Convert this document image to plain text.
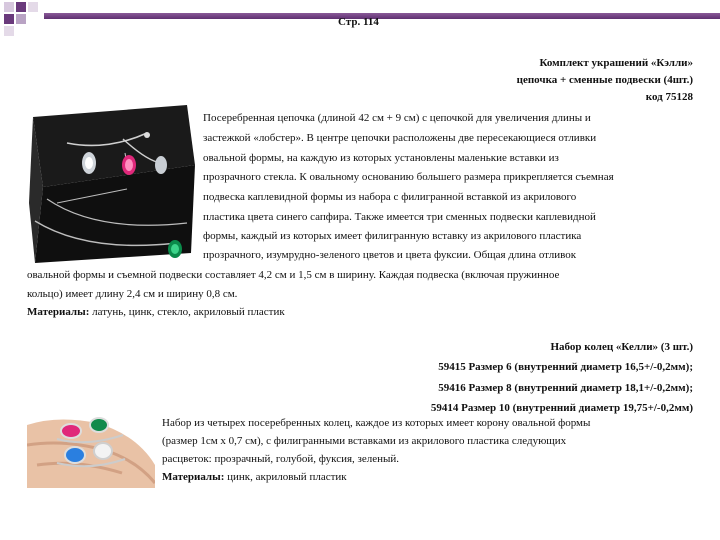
Стр. 114
Комплект украшений «Кэлли»
цепочка + сменные подвески (4шт.)
код 75128
Посеребренная цепочка (длиной 42 см + 9 см) с цепочкой для увеличения длины и
застежкой «лобстер». В центре цепочки расположены две пересекающиеся отливки
овальной формы, на каждую из которых установлены маленькие вставки из
прозрачного стекла. К овальному основанию большего размера прикрепляется съемная
подвеска каплевидной формы из набора с филигранной вставкой из акрилового
пластика цвета синего сапфира. Также имеется три сменных подвески каплевидной
формы, каждый из которых имеет филигранную вставку из акрилового пластика
прозрачного, изумрудно-зеленого цветов и цвета фуксии. Общая длина отливок
овальной формы и съемной подвески составляет 4,2 см и 1,5 см в ширину. Каждая подвеска (включая пружинное
кольцо) имеет длину 2,4 см и ширину 0,8 см.
Материалы: латунь, цинк, стекло, акриловый пластик
Набор колец «Келли» (3 шт.)
59415 Размер 6 (внутренний диаметр 16,5+/-0,2мм);
59416 Размер 8 (внутренний диаметр 18,1+/-0,2мм);
59414 Размер 10 (внутренний диаметр 19,75+/-0,2мм)
Набор из четырех посеребренных колец, каждое из которых имеет корону овальной формы
(размер 1см х 0,7 см), с филигранными вставками из акрилового пластика следующих
расцветок: прозрачный, голубой, фуксия, зеленый.
Материалы: цинк, акриловый пластик
